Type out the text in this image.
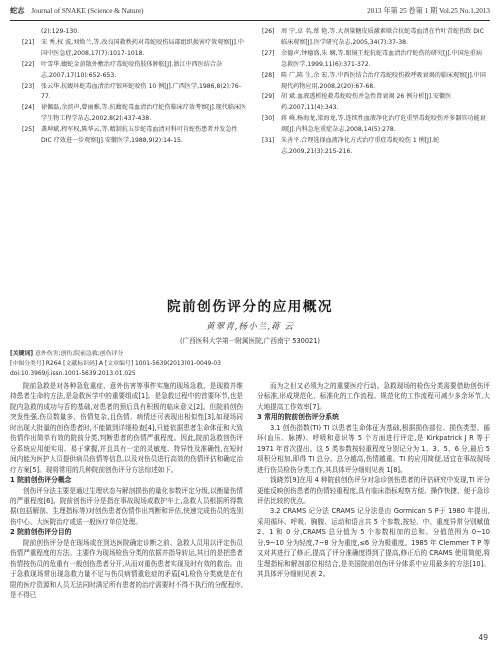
蛇志 Journal of SNAKE (Science & Nature)	2013 年第 25 卷第 1 期 Vol.25 No.1,2013
(2):129-130.
[21] 宋 秀,权 波,刘焕兰,等.改良国救秩药对毒蛇咬伤局部组织损害疗效观察[J].中国中医急症,2008,17(7):1017-1018.
[22] 叶雪华.蝮蛇金黄散外敷治疗毒蛇咬伤肢体肿胀[J].浙江中西医结合杂志,2007,17(10):652-653.
[23] 张云华.抗蝮环蛇毒血清治疗银环蛇咬伤 10 例[J].广西医学,1986,8(2):76-77.
[24] 徐佩磊,余滨声,曾丽雅,等.抗蝮蛇毒血清治疗蛇伤临床疗效考察[J].现代临床医学生物工程学杂志,2002,8(2):437-438.
[25] 龚坤斌,程军权,陈华云,等.精制抗五步蛇毒血清对科可肯蛇伤患者并发急性 DIC 疗效进一步观察[J].安徽医学,1988,9(2):14-15.
[26] 周 宁,卓 名,蔡 艳,等.大剂量糖皮质激素联合抗蛇毒血清在竹叶青蛇伤致 DIC 临床观察[J].医学研究杂志,2005,34(7):37-38.
[27] 余德声,钟德盛,朱 娴,等.眼镜王蛇抗蛇毒血清治疗蛇伤的研究[J].中国危重病急救医学,1999,11(6):371-372.
[28] 陈 广,陈 生,余 宏,等.中西医结合治疗毒蛇咬伤救呼吸衰竭的临床观察[J].中国现代药物应用,2008,2(20):67-68.
[29] 胡 斌.血液透析抢救毒蛇咬伤并急性肾衰竭 26 例分析[J].安徽医药,2007,11(4):343.
[30] 蒋 峰,杨海龙,梁海龙,等.连续性血液净化治疗危重型毒蛇咬伤并多器官功能衰竭[J].内科急危重症杂志,2008,14(5):278.
[31] 朱善平.合理选择血液净化方式治疗重症毒蛇咬伤 1 例[J].蛇志,2009,21(3):215-216.
院前创伤评分的应用概况
黄翠青,杨小兰,蒋 云
(广西医科大学第一附属医院,广西南宁 530021)
[关键词] 意外伤害;创伤;院前急救;创伤评分
[中图分类号] R264 [文献标识码] A [文章编号] 1001-5639(2013)01-0049-03
doi:10.3969/j.issn.1001-5639.2013.01.025

院前急救是对各种急危重症、意外伤害等事件实施的现场急救、是现救并维持患者生命的方法,是急救医学中的重要组成[1]。是急救过程中的首要环节,也是院内急救的成功与否的基础,对患者的预后具有积极的临床意义[2]。但院前创伤突发性强,伤员数量多、伤情复杂,且伤情、病情还可表现出相似性[3],如现场同时出现大批量的创伤患者时,不能做到详细检查[4],只能依据患者生命体征和大致伤情作出简单有效的院前分类,判断患者的伤情严重程度。因此,院前急救创伤评分系统应用便实用、易于掌握,并且具有一定的灵敏度、特异性及准确性,在短时间内能为医护人员提供病员伤情等信息,以及对伤员进行高效的伤情评估和确定治疗方案[5]。现将常用的几种院前创伤评分方法综述如下。

1 院前创伤评分概念

创伤评分法主要是通过生理状态与解剖损伤的量化参数评定分级,以衡量伤情的严重程度[6]。院前创伤评分是指在事故现场或救护车上,急救人员根据所得数据(包括解剖、生理指标等)对创伤患者伤情作出判断和评估,快速完成伤员的选别伤中心、大医院治疗或送一般医疗单位处理。

2 院前创伤评分目的

院前创伤评分是在现场或在到达医院确定诊断之前、急救人员用以评定伤员伤情严重程度的方法。主要作为现场检伤分类的依据并指导转运,其目的是把患者伤情按伤员的危重有一般创伤患者分开,从而对重伤患者实现及时有效的救治。由于急救现场常出现急救力量不足与伤员病情重危症的矛盾[4],检伤分类就是在有限的医疗资源和人员无法同时满足所有患者的治疗需要时不得不执行的分配程序,是不得已

而为之但又必须为之的重要医疗行动。急救现场的检伤分类需要借助创伤评分标准,形成规范化、标准化的工作流程。规范化的工作流程可减少多余环节,大大地提高工作效率[7]。

3 常用的院前创伤评分系统

3.1 创伤指数(TI) TI 以患者生命体征为基础,根据损伤部位、损伤类型、循环(血压、脉搏)、呼吸和意识等 5 个方面进行评定,是 Kirkpatrick J R 等于 1971 年首次提出。这 5 类参数按轻重程度分别记分为 1、3、5、6 分,最后 5 项积分相加,即得 TI 总分。总分越高,伤情越重。TI 的应用简便,适宜在事故现场进行伤员检伤分类工作,其具体评分细则见表 1[8]。

钱晓芳[9]在用 4 种院前创伤评分对急诊创伤患者的评估研究中发现,TI 评分更能反映创伤患者的伤情轻重程度,具有临床指标观察方便、操作快捷、便于急诊评估比较的优点。

3.2 CRAMS 记分法 CRAMS 记分法是由 Gormican S P于 1980 年提出,采用循环、呼吸、胸腹、运动和语言共 5 个参数,按轻、中、重度异常分别赋值 2、1 和 0 分,CRAMS 总分值为 5 个参数相加的总和。分值范围为 0~10 分,9~10 分为轻度,7~8 分为重度,≤6 分为极重度。1985 年 Clemmer T P 等又对其进行了修正,提高了评分准确度得到了提高,修正后的 CRAMS 使用简便,将生理指标和解剖部位相结合,是美国院前创伤评分体系中应用最多的方法[10]。其具体评分细则见表 2。

49
